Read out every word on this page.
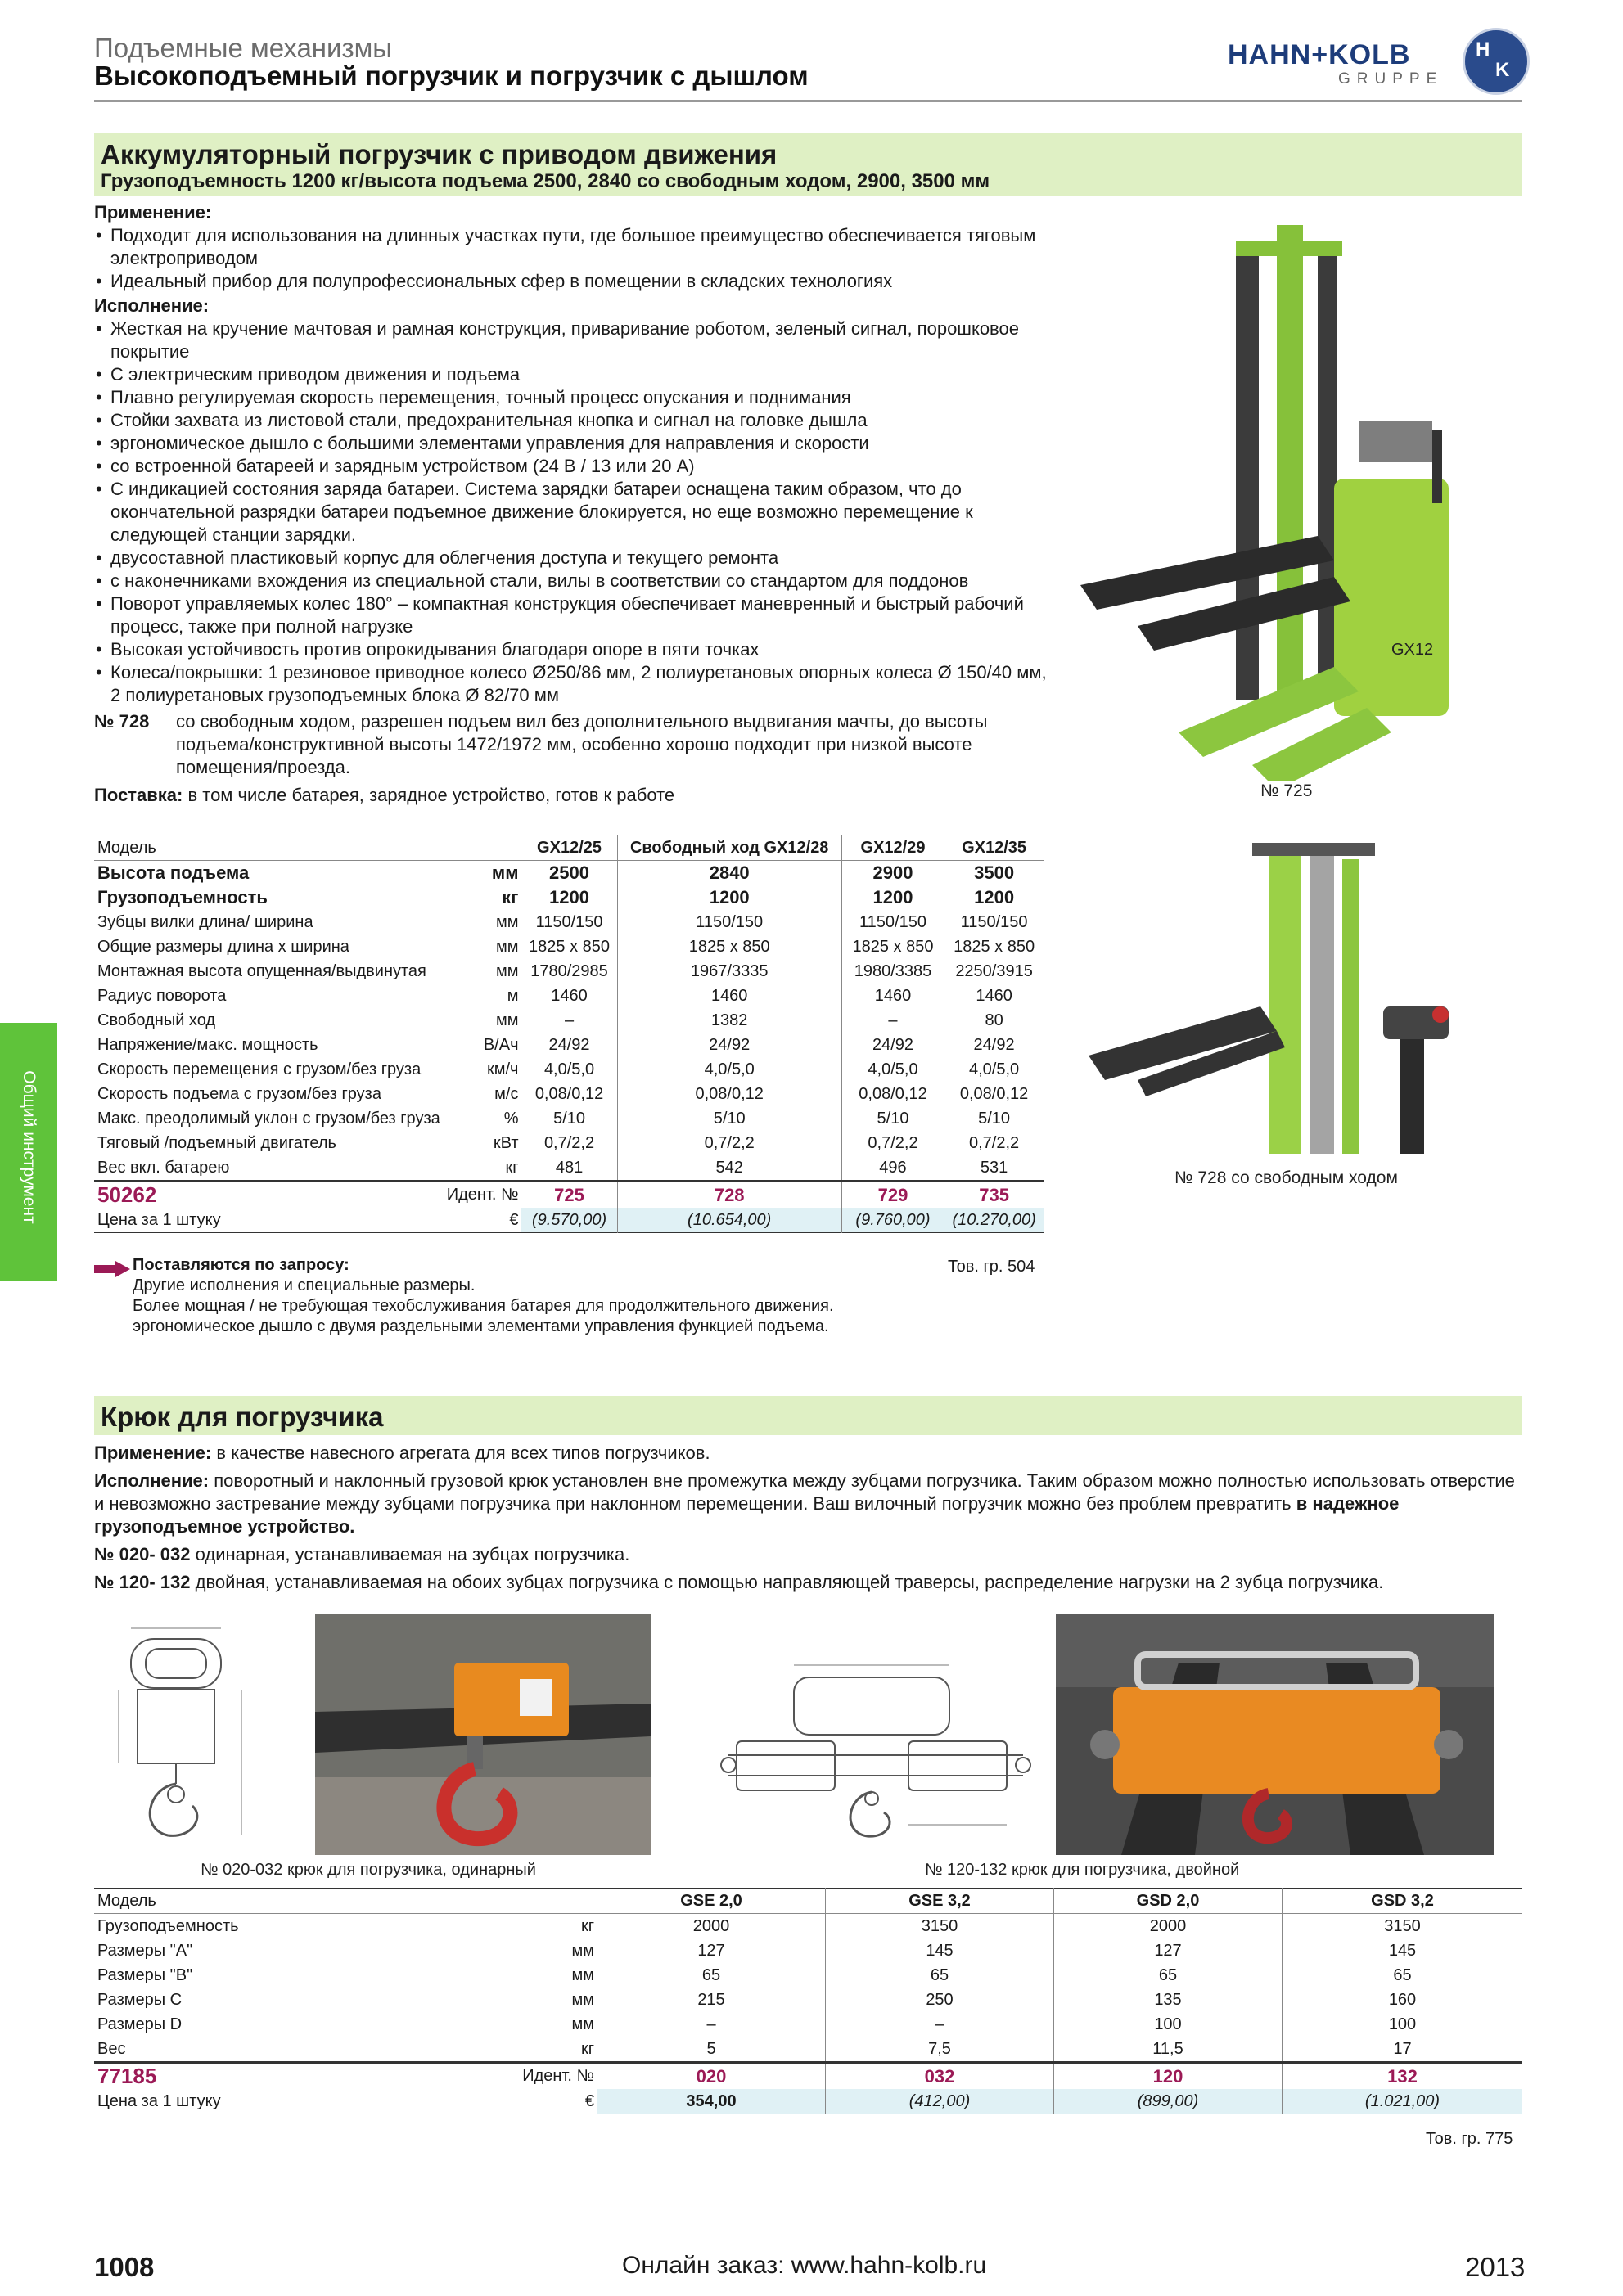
Подъемные механизмы
Высокоподъемный погрузчик и погрузчик с дышлом
HAHN+KOLB
GRUPPE
H
K
Общий инструмент
Аккумуляторный погрузчик с приводом движения
Грузоподъемность 1200 кг/высота подъема 2500, 2840 со свободным ходом, 2900, 3500 мм
Применение:
• Подходит для использования на длинных участках пути, где большое преимущество обеспечивается тяговым электроприводом
• Идеальный прибор для полупрофессиональных сфер в помещении в складских технологиях
Исполнение:
• Жесткая на кручение мачтовая и рамная конструкция, приваривание роботом, зеленый сигнал, порошковое покрытие
• С электрическим приводом движения и подъема
• Плавно регулируемая скорость перемещения, точный процесс опускания и поднимания
• Стойки захвата из листовой стали, предохранительная кнопка и сигнал на головке дышла
• эргономическое дышло с большими элементами управления для направления и скорости
• со встроенной батареей и зарядным устройством (24 В / 13 или 20 А)
• С индикацией состояния заряда батареи. Система зарядки батареи оснащена таким образом, что до окончательной разрядки батареи подъемное движение блокируется, но еще возможно перемещение к следующей станции зарядки.
• двусоставной пластиковый корпус для облегчения доступа и текущего ремонта
• с наконечниками вхождения из специальной стали, вилы в соответствии со стандартом для поддонов
• Поворот управляемых колес 180° – компактная конструкция обеспечивает маневренный и быстрый рабочий процесс, также при полной нагрузке
• Высокая устойчивость против опрокидывания благодаря опоре в пяти точках
• Колеса/покрышки: 1 резиновое приводное колесо Ø250/86 мм, 2 полиуретановых опорных колеса Ø 150/40 мм, 2 полиуретановых грузоподъемных блока Ø 82/70 мм
№ 728 со свободным ходом, разрешен подъем вил без дополнительного выдвигания мачты, до высоты подъема/конструктивной высоты 1472/1972 мм, особенно хорошо подходит при низкой высоте помещения/проезда.
Поставка: в том числе батарея, зарядное устройство, готов к работе
GX12
№ 725
№ 728 со свободным ходом
Модель		GX12/25	Свободный ход GX12/28	GX12/29	GX12/35
Высота подъема	мм	2500	2840	2900	3500
Грузоподъемность	кг	1200	1200	1200	1200
Зубцы вилки длина/ ширина	мм	1150/150	1150/150	1150/150	1150/150
Общие размеры длина x ширина	мм	1825 x 850	1825 x 850	1825 x 850	1825 x 850
Монтажная высота опущенная/выдвинутая	мм	1780/2985	1967/3335	1980/3385	2250/3915
Радиус поворота	м	1460	1460	1460	1460
Свободный ход	мм	–	1382	–	80
Напряжение/макс. мощность	В/Ач	24/92	24/92	24/92	24/92
Скорость перемещения с грузом/без груза	км/ч	4,0/5,0	4,0/5,0	4,0/5,0	4,0/5,0
Скорость подъема с грузом/без груза	м/с	0,08/0,12	0,08/0,12	0,08/0,12	0,08/0,12
Макс. преодолимый уклон с грузом/без груза	%	5/10	5/10	5/10	5/10
Тяговый /подъемный двигатель	кВт	0,7/2,2	0,7/2,2	0,7/2,2	0,7/2,2
Вес вкл. батарею	кг	481	542	496	531
50262	Идент. №	725	728	729	735
Цена за 1 штуку	€	(9.570,00)	(10.654,00)	(9.760,00)	(10.270,00)
Поставляются по запросу:
Другие исполнения и специальные размеры.
Более мощная / не требующая техобслуживания батарея для продолжительного движения.
эргономическое дышло с двумя раздельными элементами управления функцией подъема.
Тов. гр. 504
Крюк для погрузчика
Применение: в качестве навесного агрегата для всех типов погрузчиков.
Исполнение: поворотный и наклонный грузовой крюк установлен вне промежутка между зубцами погрузчика. Таким образом можно полностью использовать отверстие и невозможно застревание между зубцами погрузчика при наклонном перемещении. Ваш вилочный погрузчик можно без проблем превратить в надежное грузоподъемное устройство.
№ 020- 032 одинарная, устанавливаемая на зубцах погрузчика.
№ 120- 132 двойная, устанавливаемая на обоих зубцах погрузчика с помощью направляющей траверсы, распределение нагрузки на 2 зубца погрузчика.
№ 020-032 крюк для погрузчика, одинарный	№ 120-132 крюк для погрузчика, двойной
Модель		GSE 2,0	GSE 3,2	GSD 2,0	GSD 3,2
Грузоподъемность	кг	2000	3150	2000	3150
Размеры "A"	мм	127	145	127	145
Размеры "B"	мм	65	65	65	65
Размеры C	мм	215	250	135	160
Размеры D	мм	–	–	100	100
Вес	кг	5	7,5	11,5	17
77185	Идент. №	020	032	120	132
Цена за 1 штуку	€	354,00	(412,00)	(899,00)	(1.021,00)
Тов. гр. 775
1008	Онлайн заказ: www.hahn-kolb.ru	2013
